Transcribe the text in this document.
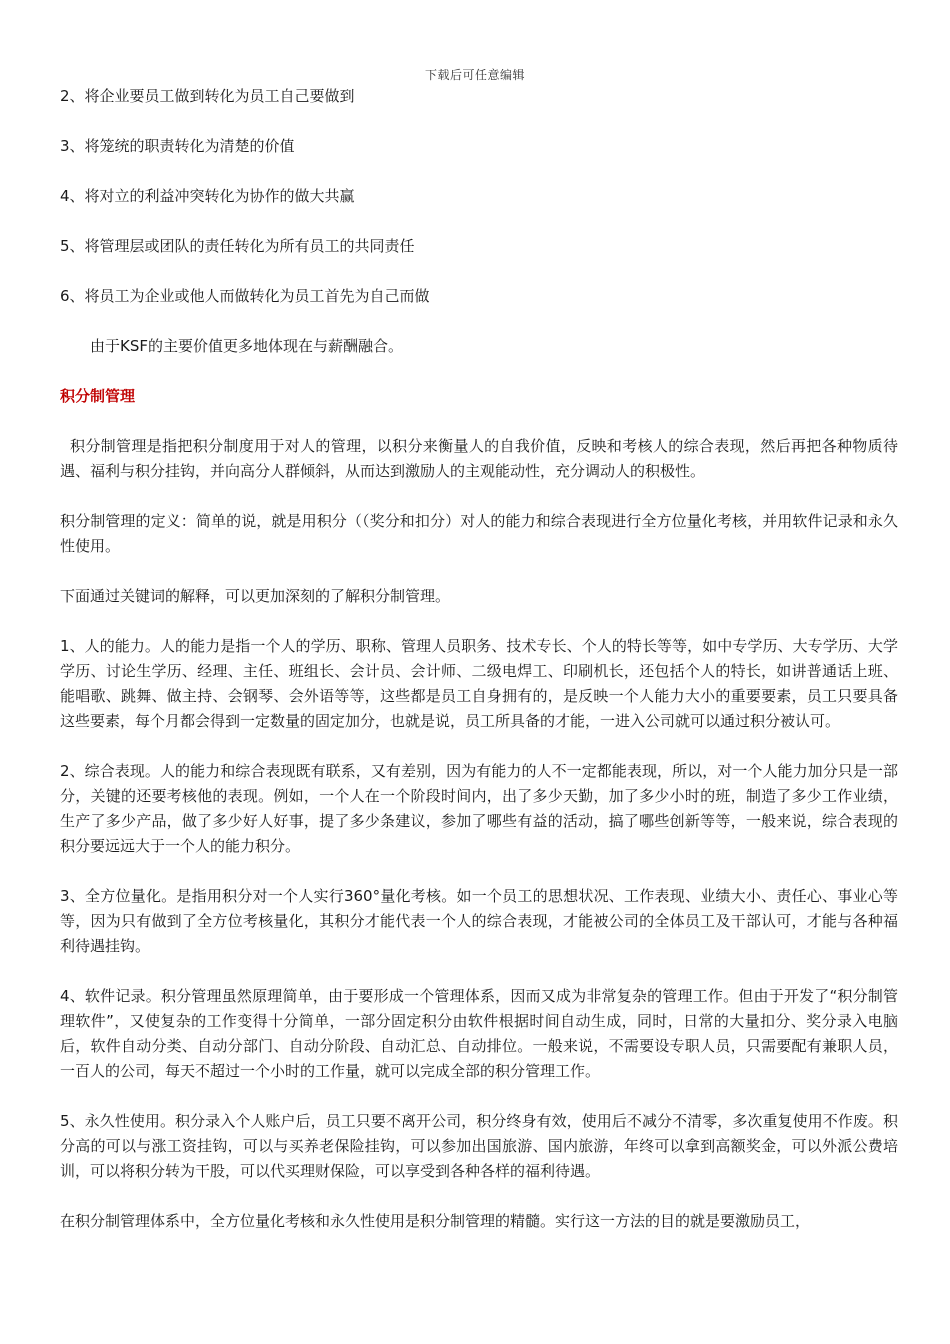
下载后可任意编辑

2、将企业要员工做到转化为员工自己要做到

3、将笼统的职责转化为清楚的价值

4、将对立的利益冲突转化为协作的做大共赢

5、将管理层或团队的责任转化为所有员工的共同责任

6、将员工为企业或他人而做转化为员工首先为自己而做

由于KSF的主要价值更多地体现在与薪酬融合。

积分制管理

积分制管理是指把积分制度用于对人的管理，以积分来衡量人的自我价值，反映和考核人的综合表现，然后再把各种物质待遇、福利与积分挂钩，并向高分人群倾斜，从而达到激励人的主观能动性，充分调动人的积极性。

积分制管理的定义：简单的说，就是用积分（（奖分和扣分）对人的能力和综合表现进行全方位量化考核，并用软件记录和永久性使用。

下面通过关键词的解释，可以更加深刻的了解积分制管理。

1、人的能力。人的能力是指一个人的学历、职称、管理人员职务、技术专长、个人的特长等等，如中专学历、大专学历、大学学历、讨论生学历、经理、主任、班组长、会计员、会计师、二级电焊工、印刷机长，还包括个人的特长，如讲普通话上班、能唱歌、跳舞、做主持、会钢琴、会外语等等，这些都是员工自身拥有的，是反映一个人能力大小的重要要素，员工只要具备这些要素，每个月都会得到一定数量的固定加分，也就是说，员工所具备的才能，一进入公司就可以通过积分被认可。

2、综合表现。人的能力和综合表现既有联系，又有差别，因为有能力的人不一定都能表现，所以，对一个人能力加分只是一部分，关键的还要考核他的表现。例如，一个人在一个阶段时间内，出了多少天勤，加了多少小时的班，制造了多少工作业绩，生产了多少产品，做了多少好人好事，提了多少条建议，参加了哪些有益的活动，搞了哪些创新等等，一般来说，综合表现的积分要远远大于一个人的能力积分。

3、全方位量化。是指用积分对一个人实行360°量化考核。如一个员工的思想状况、工作表现、业绩大小、责任心、事业心等等，因为只有做到了全方位考核量化，其积分才能代表一个人的综合表现，才能被公司的全体员工及干部认可，才能与各种福利待遇挂钩。

4、软件记录。积分管理虽然原理简单，由于要形成一个管理体系，因而又成为非常复杂的管理工作。但由于开发了“积分制管理软件”，又使复杂的工作变得十分简单，一部分固定积分由软件根据时间自动生成，同时，日常的大量扣分、奖分录入电脑后，软件自动分类、自动分部门、自动分阶段、自动汇总、自动排位。一般来说，不需要设专职人员，只需要配有兼职人员，一百人的公司，每天不超过一个小时的工作量，就可以完成全部的积分管理工作。

5、永久性使用。积分录入个人账户后，员工只要不离开公司，积分终身有效，使用后不减分不清零，多次重复使用不作废。积分高的可以与涨工资挂钩，可以与买养老保险挂钩，可以参加出国旅游、国内旅游，年终可以拿到高额奖金，可以外派公费培训，可以将积分转为干股，可以代买理财保险，可以享受到各种各样的福利待遇。

在积分制管理体系中，全方位量化考核和永久性使用是积分制管理的精髓。实行这一方法的目的就是要激励员工，
